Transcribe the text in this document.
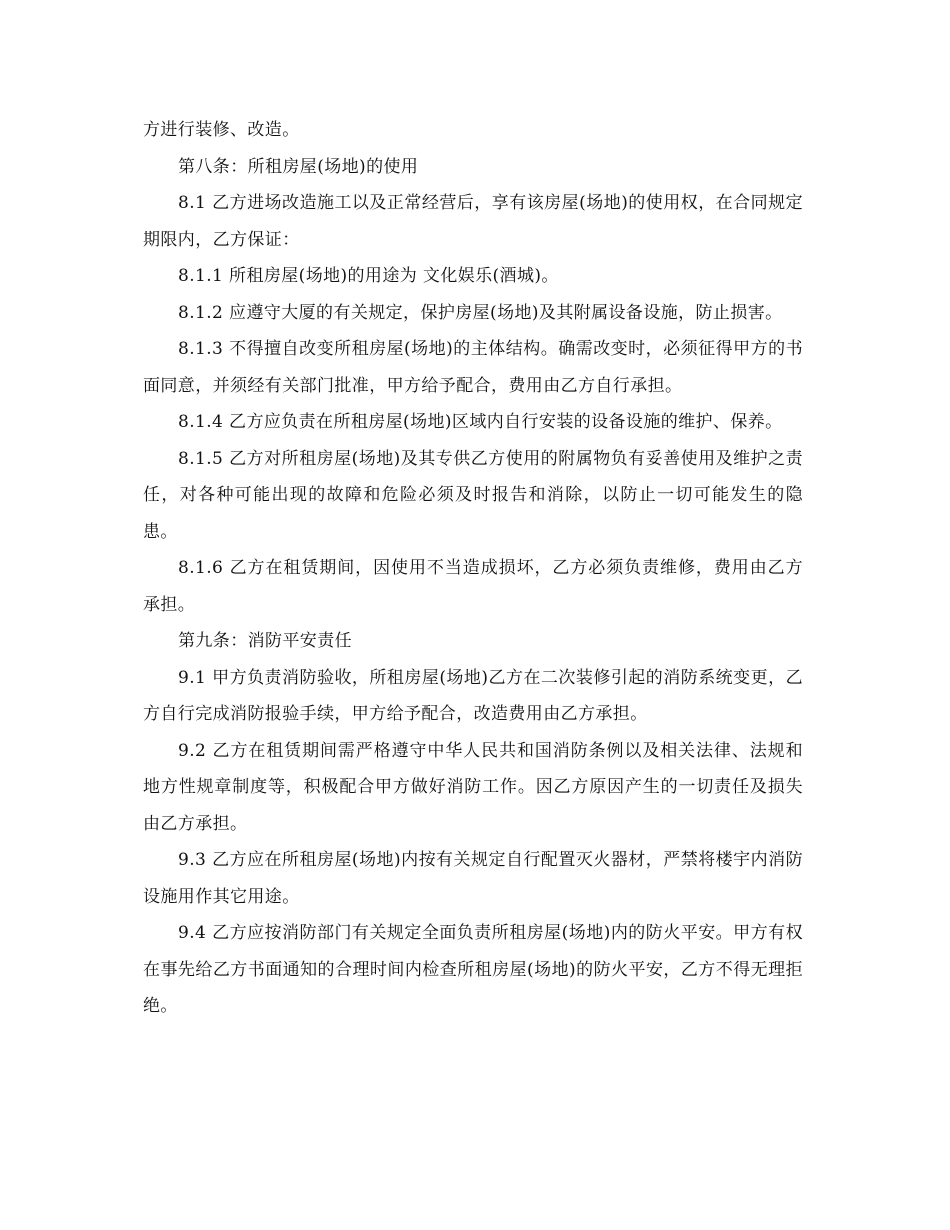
方进行装修、改造。

第八条：所租房屋(场地)的使用

8.1 乙方进场改造施工以及正常经营后，享有该房屋(场地)的使用权，在合同规定期限内，乙方保证：

8.1.1 所租房屋(场地)的用途为 文化娱乐(酒城)。

8.1.2 应遵守大厦的有关规定，保护房屋(场地)及其附属设备设施，防止损害。

8.1.3 不得擅自改变所租房屋(场地)的主体结构。确需改变时，必须征得甲方的书面同意，并须经有关部门批准，甲方给予配合，费用由乙方自行承担。

8.1.4 乙方应负责在所租房屋(场地)区域内自行安装的设备设施的维护、保养。

8.1.5 乙方对所租房屋(场地)及其专供乙方使用的附属物负有妥善使用及维护之责任，对各种可能出现的故障和危险必须及时报告和消除，以防止一切可能发生的隐患。

8.1.6 乙方在租赁期间，因使用不当造成损坏，乙方必须负责维修，费用由乙方承担。

第九条：消防平安责任

9.1 甲方负责消防验收，所租房屋(场地)乙方在二次装修引起的消防系统变更，乙方自行完成消防报验手续，甲方给予配合，改造费用由乙方承担。

9.2 乙方在租赁期间需严格遵守中华人民共和国消防条例以及相关法律、法规和地方性规章制度等，积极配合甲方做好消防工作。因乙方原因产生的一切责任及损失由乙方承担。

9.3 乙方应在所租房屋(场地)内按有关规定自行配置灭火器材，严禁将楼宇内消防设施用作其它用途。

9.4 乙方应按消防部门有关规定全面负责所租房屋(场地)内的防火平安。甲方有权在事先给乙方书面通知的合理时间内检查所租房屋(场地)的防火平安，乙方不得无理拒绝。
